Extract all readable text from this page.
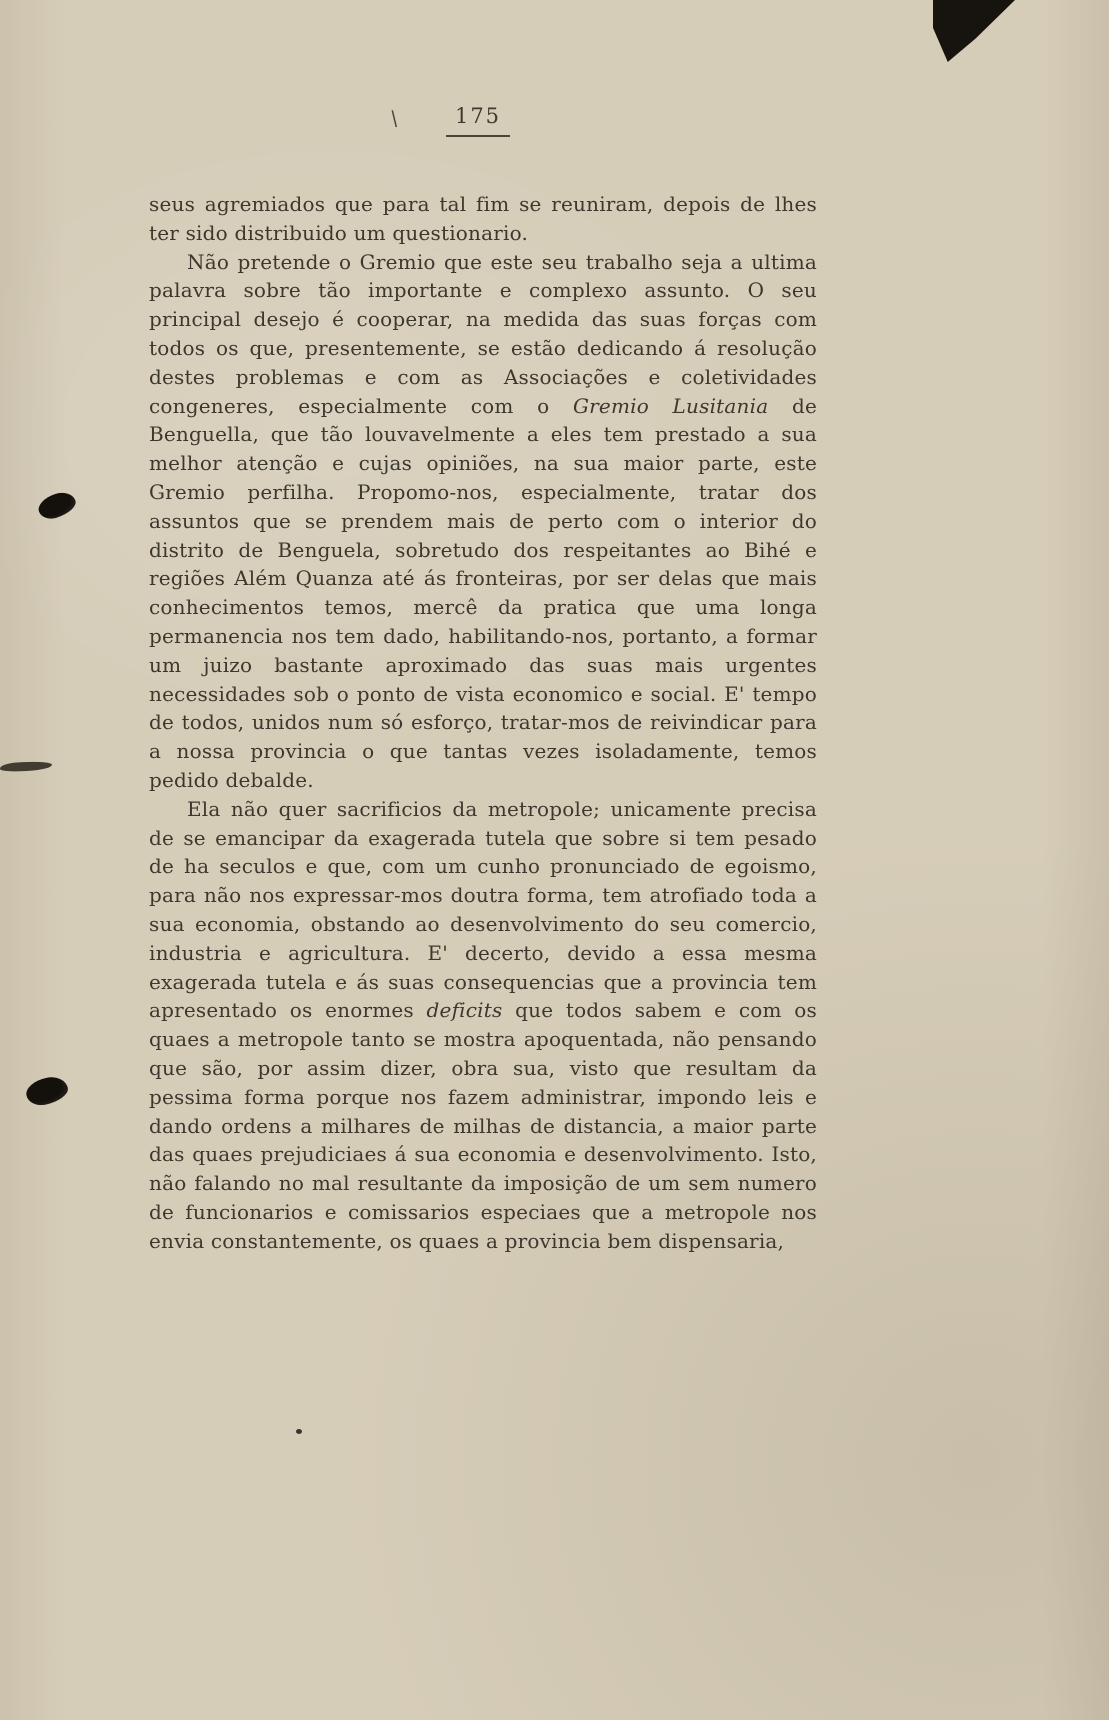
\	175

seus agremiados que para tal fim se reuniram, depois de lhes ter sido distribuido um questionario.

Não pretende o Gremio que este seu trabalho seja a ultima palavra sobre tão importante e complexo assunto. O seu principal desejo é cooperar, na medida das suas forças com todos os que, presentemente, se estão dedicando á resolução destes problemas e com as Associações e coletividades congeneres, especialmente com o Gremio Lusitania de Benguella, que tão louvavelmente a eles tem prestado a sua melhor atenção e cujas opiniões, na sua maior parte, este Gremio perfilha. Propomo-nos, especialmente, tratar dos assuntos que se prendem mais de perto com o interior do distrito de Benguela, sobretudo dos respeitantes ao Bihé e regiões Além Quanza até ás fronteiras, por ser delas que mais conhecimentos temos, mercê da pratica que uma longa permanencia nos tem dado, habilitando-nos, portanto, a formar um juizo bastante aproximado das suas mais urgentes necessidades sob o ponto de vista economico e social. E' tempo de todos, unidos num só esforço, tratar-mos de reivindicar para a nossa provincia o que tantas vezes isoladamente, temos pedido debalde.

Ela não quer sacrificios da metropole; unicamente precisa de se emancipar da exagerada tutela que sobre si tem pesado de ha seculos e que, com um cunho pronunciado de egoismo, para não nos expressar-mos doutra forma, tem atrofiado toda a sua economia, obstando ao desenvolvimento do seu comercio, industria e agricultura. E' decerto, devido a essa mesma exagerada tutela e ás suas consequencias que a provincia tem apresentado os enormes deficits que todos sabem e com os quaes a metropole tanto se mostra apoquentada, não pensando que são, por assim dizer, obra sua, visto que resultam da pessima forma porque nos fazem administrar, impondo leis e dando ordens a milhares de milhas de distancia, a maior parte das quaes prejudiciaes á sua economia e desenvolvimento. Isto, não falando no mal resultante da imposição de um sem numero de funcionarios e comissarios especiaes que a metropole nos envia constantemente, os quaes a provincia bem dispensaria,
